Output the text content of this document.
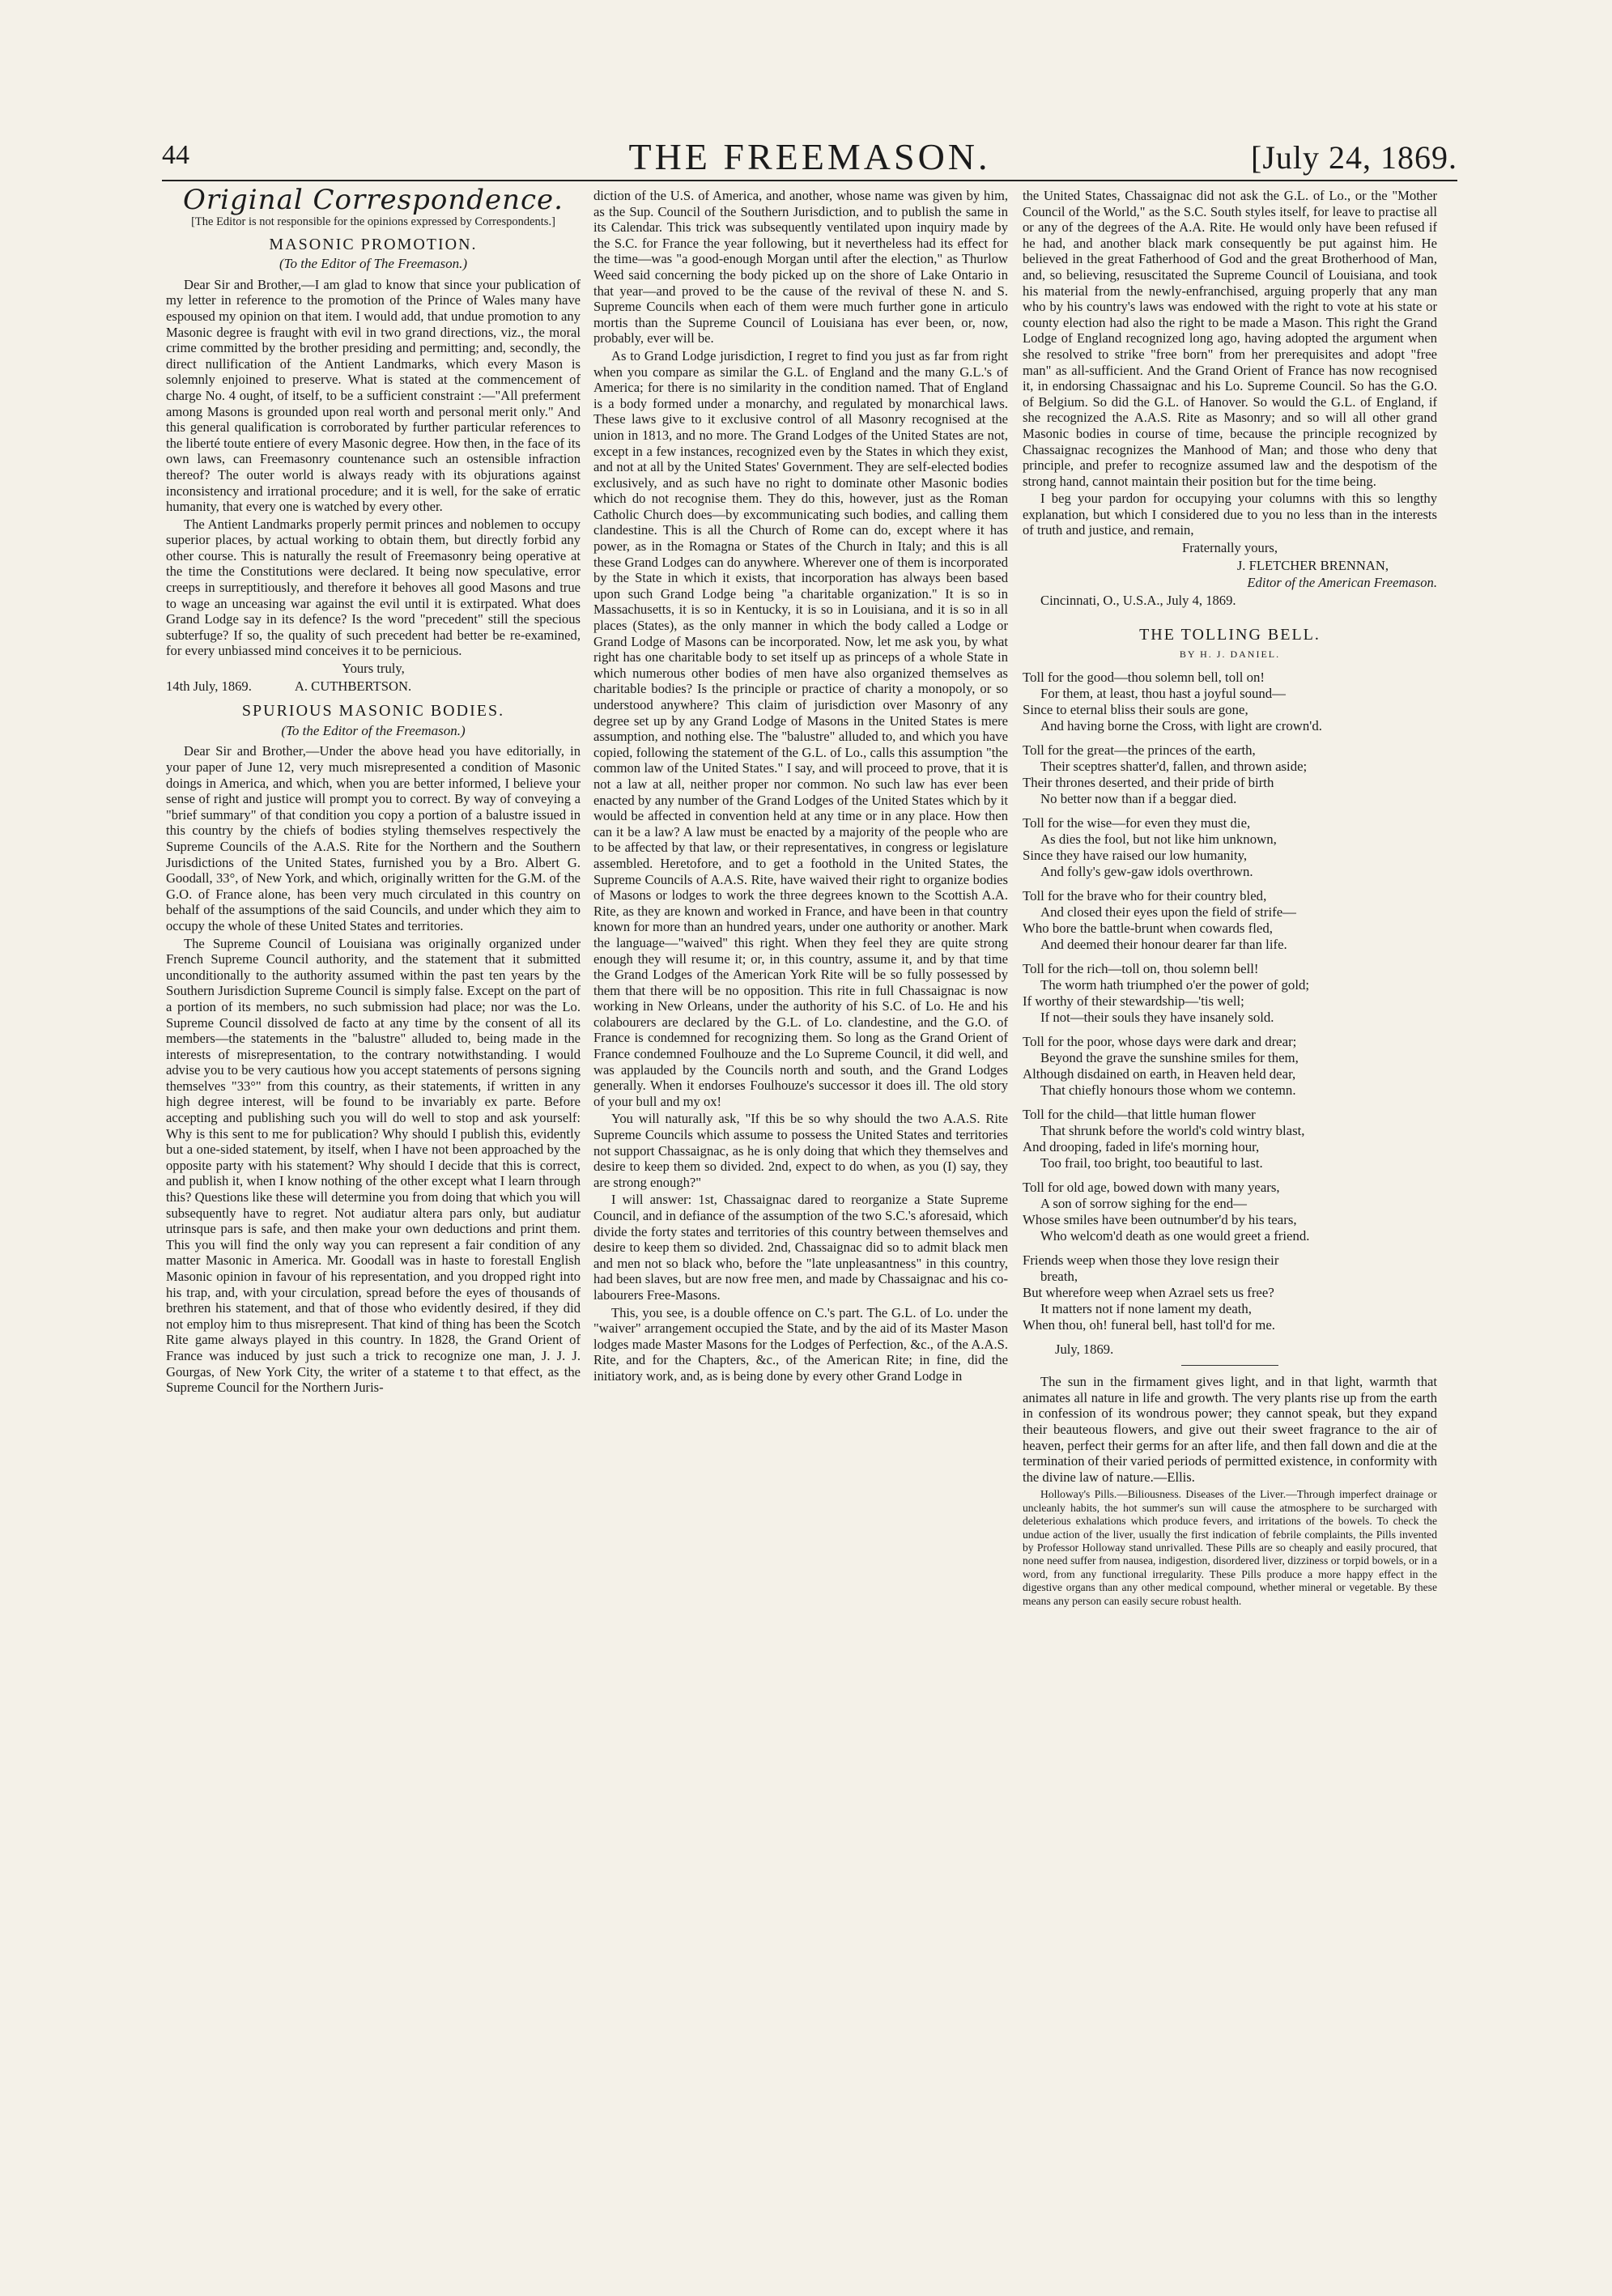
44	THE FREEMASON.	[July 24, 1869.
Original Correspondence.

[The Editor is not responsible for the opinions expressed by Correspondents.]

MASONIC PROMOTION.
(To the Editor of The Freemason.)

Dear Sir and Brother,—I am glad to know that since your publication of my letter in reference to the promotion of the Prince of Wales many have espoused my opinion on that item. I would add, that undue promotion to any Masonic degree is fraught with evil in two grand directions, viz., the moral crime committed by the brother presiding and permitting; and, secondly, the direct nullification of the Antient Landmarks, which every Mason is solemnly enjoined to preserve. What is stated at the commencement of charge No. 4 ought, of itself, to be a sufficient constraint :—"All preferment among Masons is grounded upon real worth and personal merit only." And this general qualification is corroborated by further particular references to the liberté toute entiere of every Masonic degree. How then, in the face of its own laws, can Freemasonry countenance such an ostensible infraction thereof? The outer world is always ready with its objurations against inconsistency and irrational procedure; and it is well, for the sake of erratic humanity, that every one is watched by every other.

The Antient Landmarks properly permit princes and noblemen to occupy superior places, by actual working to obtain them, but directly forbid any other course. This is naturally the result of Freemasonry being operative at the time the Constitutions were declared. It being now speculative, error creeps in surreptitiously, and therefore it behoves all good Masons and true to wage an unceasing war against the evil until it is extirpated. What does Grand Lodge say in its defence? Is the word "precedent" still the specious subterfuge? If so, the quality of such precedent had better be re-examined, for every unbiassed mind conceives it to be pernicious.

Yours truly,

14th July, 1869.	A. CUTHBERTSON.

SPURIOUS MASONIC BODIES.
(To the Editor of the Freemason.)

Dear Sir and Brother,—Under the above head you have editorially, in your paper of June 12, very much misrepresented a condition of Masonic doings in America, and which, when you are better informed, I believe your sense of right and justice will prompt you to correct. By way of conveying a "brief summary" of that condition you copy a portion of a balustre issued in this country by the chiefs of bodies styling themselves respectively the Supreme Councils of the A.A.S. Rite for the Northern and the Southern Jurisdictions of the United States, furnished you by a Bro. Albert G. Goodall, 33°, of New York, and which, originally written for the G.M. of the G.O. of France alone, has been very much circulated in this country on behalf of the assumptions of the said Councils, and under which they aim to occupy the whole of these United States and territories.

The Supreme Council of Louisiana was originally organized under French Supreme Council authority, and the statement that it submitted unconditionally to the authority assumed within the past ten years by the Southern Jurisdiction Supreme Council is simply false. Except on the part of a portion of its members, no such submission had place; nor was the Lo. Supreme Council dissolved de facto at any time by the consent of all its members—the statements in the "balustre" alluded to, being made in the interests of misrepresentation, to the contrary notwithstanding. I would advise you to be very cautious how you accept statements of persons signing themselves "33°" from this country, as their statements, if written in any high degree interest, will be found to be invariably ex parte. Before accepting and publishing such you will do well to stop and ask yourself: Why is this sent to me for publication? Why should I publish this, evidently but a one-sided statement, by itself, when I have not been approached by the opposite party with his statement? Why should I decide that this is correct, and publish it, when I know nothing of the other except what I learn through this? Questions like these will determine you from doing that which you will subsequently have to regret. Not audiatur altera pars only, but audiatur utrinsque pars is safe, and then make your own deductions and print them. This you will find the only way you can represent a fair condition of any matter Masonic in America. Mr. Goodall was in haste to forestall English Masonic opinion in favour of his representation, and you dropped right into his trap, and, with your circulation, spread before the eyes of thousands of brethren his statement, and that of those who evidently desired, if they did not employ him to thus misrepresent. That kind of thing has been the Scotch Rite game always played in this country. In 1828, the Grand Orient of France was induced by just such a trick to recognize one man, J. J. J. Gourgas, of New York City, the writer of a stateme t to that effect, as the Supreme Council for the Northern Juris-

diction of the U.S. of America, and another, whose name was given by him, as the Sup. Council of the Southern Jurisdiction, and to publish the same in its Calendar. This trick was subsequently ventilated upon inquiry made by the S.C. for France the year following, but it nevertheless had its effect for the time—was "a good-enough Morgan until after the election," as Thurlow Weed said concerning the body picked up on the shore of Lake Ontario in that year—and proved to be the cause of the revival of these N. and S. Supreme Councils when each of them were much further gone in articulo mortis than the Supreme Council of Louisiana has ever been, or, now, probably, ever will be.

As to Grand Lodge jurisdiction, I regret to find you just as far from right when you compare as similar the G.L. of England and the many G.L.'s of America; for there is no similarity in the condition named. That of England is a body formed under a monarchy, and regulated by monarchical laws. These laws give to it exclusive control of all Masonry recognised at the union in 1813, and no more. The Grand Lodges of the United States are not, except in a few instances, recognized even by the States in which they exist, and not at all by the United States' Government. They are self-elected bodies exclusively, and as such have no right to dominate other Masonic bodies which do not recognise them. They do this, however, just as the Roman Catholic Church does—by excommunicating such bodies, and calling them clandestine. This is all the Church of Rome can do, except where it has power, as in the Romagna or States of the Church in Italy; and this is all these Grand Lodges can do anywhere. Wherever one of them is incorporated by the State in which it exists, that incorporation has always been based upon such Grand Lodge being "a charitable organization." It is so in Massachusetts, it is so in Kentucky, it is so in Louisiana, and it is so in all places (States), as the only manner in which the body called a Lodge or Grand Lodge of Masons can be incorporated. Now, let me ask you, by what right has one charitable body to set itself up as princeps of a whole State in which numerous other bodies of men have also organized themselves as charitable bodies? Is the principle or practice of charity a monopoly, or so understood anywhere? This claim of jurisdiction over Masonry of any degree set up by any Grand Lodge of Masons in the United States is mere assumption, and nothing else. The "balustre" alluded to, and which you have copied, following the statement of the G.L. of Lo., calls this assumption "the common law of the United States." I say, and will proceed to prove, that it is not a law at all, neither proper nor common. No such law has ever been enacted by any number of the Grand Lodges of the United States which by it would be affected in convention held at any time or in any place. How then can it be a law? A law must be enacted by a majority of the people who are to be affected by that law, or their representatives, in congress or legislature assembled. Heretofore, and to get a foothold in the United States, the Supreme Councils of A.A.S. Rite, have waived their right to organize bodies of Masons or lodges to work the three degrees known to the Scottish A.A. Rite, as they are known and worked in France, and have been in that country known for more than an hundred years, under one authority or another. Mark the language—"waived" this right. When they feel they are quite strong enough they will resume it; or, in this country, assume it, and by that time the Grand Lodges of the American York Rite will be so fully possessed by them that there will be no opposition. This rite in full Chassaignac is now working in New Orleans, under the authority of his S.C. of Lo. He and his colabourers are declared by the G.L. of Lo. clandestine, and the G.O. of France is condemned for recognizing them. So long as the Grand Orient of France condemned Foulhouze and the Lo Supreme Council, it did well, and was applauded by the Councils north and south, and the Grand Lodges generally. When it endorses Foulhouze's successor it does ill. The old story of your bull and my ox!

You will naturally ask, "If this be so why should the two A.A.S. Rite Supreme Councils which assume to possess the United States and territories not support Chassaignac, as he is only doing that which they themselves and desire to keep them so divided. 2nd, expect to do when, as you (I) say, they are strong enough?"

I will answer: 1st, Chassaignac dared to reorganize a State Supreme Council, and in defiance of the assumption of the two S.C.'s aforesaid, which divide the forty states and territories of this country between themselves and desire to keep them so divided. 2nd, Chassaignac did so to admit black men and men not so black who, before the "late unpleasantness" in this country, had been slaves, but are now free men, and made by Chassaignac and his co-labourers Free-Masons.

This, you see, is a double offence on C.'s part. The G.L. of Lo. under the "waiver" arrangement occupied the State, and by the aid of its Master Mason lodges made Master Masons for the Lodges of Perfection, &c., of the A.A.S. Rite, and for the Chapters, &c., of the American Rite; in fine, did the initiatory work, and, as is being done by every other Grand Lodge in

the United States, Chassaignac did not ask the G.L. of Lo., or the "Mother Council of the World," as the S.C. South styles itself, for leave to practise all or any of the degrees of the A.A. Rite. He would only have been refused if he had, and another black mark consequently be put against him. He believed in the great Fatherhood of God and the great Brotherhood of Man, and, so believing, resuscitated the Supreme Council of Louisiana, and took his material from the newly-enfranchised, arguing properly that any man who by his country's laws was endowed with the right to vote at his state or county election had also the right to be made a Mason. This right the Grand Lodge of England recognized long ago, having adopted the argument when she resolved to strike "free born" from her prerequisites and adopt "free man" as all-sufficient. And the Grand Orient of France has now recognised it, in endorsing Chassaignac and his Lo. Supreme Council. So has the G.O. of Belgium. So did the G.L. of Hanover. So would the G.L. of England, if she recognized the A.A.S. Rite as Masonry; and so will all other grand Masonic bodies in course of time, because the principle recognized by Chassaignac recognizes the Manhood of Man; and those who deny that principle, and prefer to recognize assumed law and the despotism of the strong hand, cannot maintain their position but for the time being.

I beg your pardon for occupying your columns with this so lengthy explanation, but which I considered due to you no less than in the interests of truth and justice, and remain,

Fraternally yours,

J. FLETCHER BRENNAN,

Editor of the American Freemason.

Cincinnati, O., U.S.A., July 4, 1869.

THE TOLLING BELL.
BY H. J. DANIEL.
Toll for the good—thou solemn bell, toll on!
For them, at least, thou hast a joyful sound—
Since to eternal bliss their souls are gone,
And having borne the Cross, with light are crown'd.
Toll for the great—the princes of the earth,
Their sceptres shatter'd, fallen, and thrown aside;
Their thrones deserted, and their pride of birth
No better now than if a beggar died.
Toll for the wise—for even they must die,
As dies the fool, but not like him unknown,
Since they have raised our low humanity,
And folly's gew-gaw idols overthrown.
Toll for the brave who for their country bled,
And closed their eyes upon the field of strife—
Who bore the battle-brunt when cowards fled,
And deemed their honour dearer far than life.
Toll for the rich—toll on, thou solemn bell!
The worm hath triumphed o'er the power of gold;
If worthy of their stewardship—'tis well;
If not—their souls they have insanely sold.
Toll for the poor, whose days were dark and drear;
Beyond the grave the sunshine smiles for them,
Although disdained on earth, in Heaven held dear,
That chiefly honours those whom we contemn.
Toll for the child—that little human flower
That shrunk before the world's cold wintry blast,
And drooping, faded in life's morning hour,
Too frail, too bright, too beautiful to last.
Toll for old age, bowed down with many years,
A son of sorrow sighing for the end—
Whose smiles have been outnumber'd by his tears,
Who welcom'd death as one would greet a friend.
Friends weep when those they love resign their
breath,
But wherefore weep when Azrael sets us free?
It matters not if none lament my death,
When thou, oh! funeral bell, hast toll'd for me.

July, 1869.

The sun in the firmament gives light, and in that light, warmth that animates all nature in life and growth. The very plants rise up from the earth in confession of its wondrous power; they cannot speak, but they expand their beauteous flowers, and give out their sweet fragrance to the air of heaven, perfect their germs for an after life, and then fall down and die at the termination of their varied periods of permitted existence, in conformity with the divine law of nature.—Ellis.

Holloway's Pills.—Biliousness. Diseases of the Liver.—Through imperfect drainage or uncleanly habits, the hot summer's sun will cause the atmosphere to be surcharged with deleterious exhalations which produce fevers, and irritations of the bowels. To check the undue action of the liver, usually the first indication of febrile complaints, the Pills invented by Professor Holloway stand unrivalled. These Pills are so cheaply and easily procured, that none need suffer from nausea, indigestion, disordered liver, dizziness or torpid bowels, or in a word, from any functional irregularity. These Pills produce a more happy effect in the digestive organs than any other medical compound, whether mineral or vegetable. By these means any person can easily secure robust health.
